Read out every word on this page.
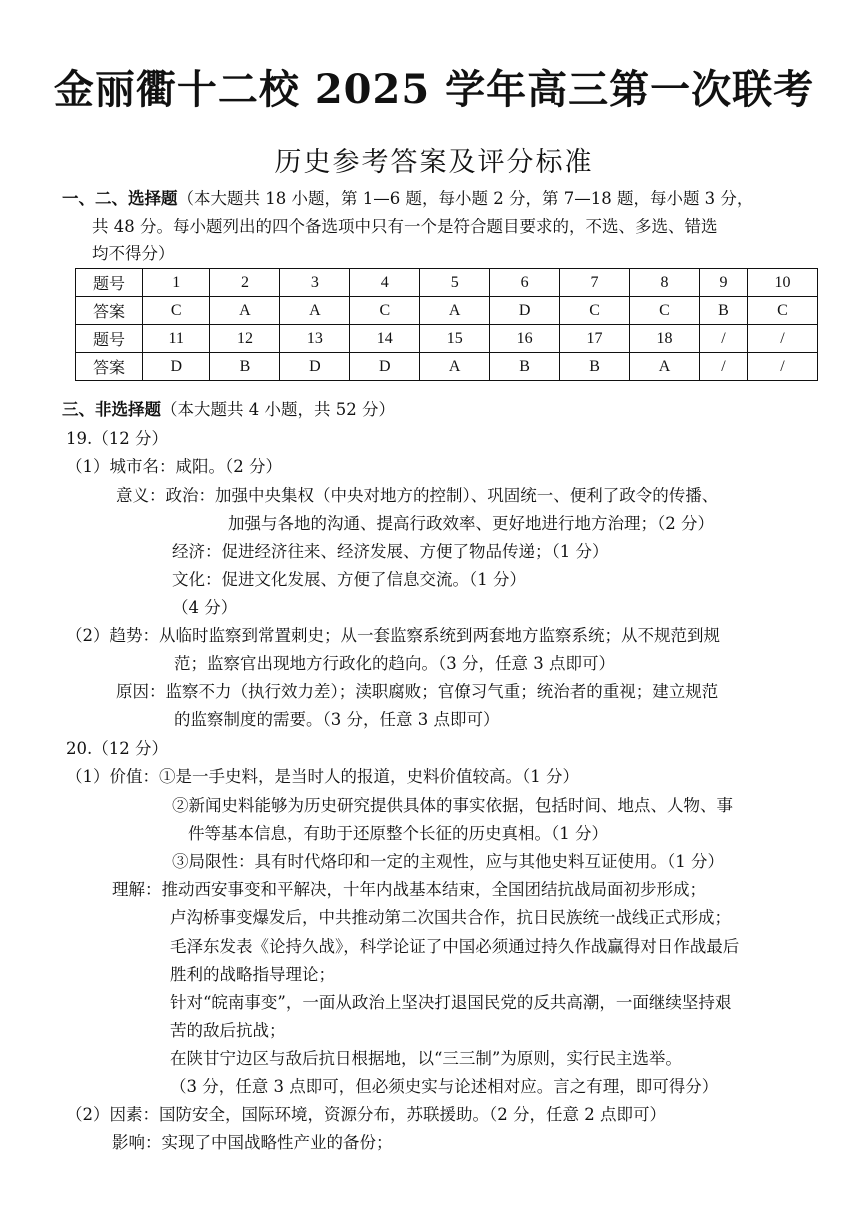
金丽衢十二校 2025 学年高三第一次联考
历史参考答案及评分标准
一、二、选择题（本大题共 18 小题，第 1—6 题，每小题 2 分，第 7—18 题，每小题 3 分，
共 48 分。每小题列出的四个备选项中只有一个是符合题目要求的，不选、多选、错选
均不得分）
题号	1	2	3	4	5	6	7	8	9	10
答案	C	A	A	C	A	D	C	C	B	C
题号	11	12	13	14	15	16	17	18	/	/
答案	D	B	D	D	A	B	B	A	/	/
三、非选择题（本大题共 4 小题，共 52 分）
19.（12 分）
（1）城市名：咸阳。（2 分）
意义：政治：加强中央集权（中央对地方的控制）、巩固统一、便利了政令的传播、
加强与各地的沟通、提高行政效率、更好地进行地方治理；（2 分）
经济：促进经济往来、经济发展、方便了物品传递；（1 分）
文化：促进文化发展、方便了信息交流。（1 分）
（4 分）
（2）趋势：从临时监察到常置刺史；从一套监察系统到两套地方监察系统；从不规范到规
范；监察官出现地方行政化的趋向。（3 分，任意 3 点即可）
原因：监察不力（执行效力差）；渎职腐败；官僚习气重；统治者的重视；建立规范
的监察制度的需要。（3 分，任意 3 点即可）
20.（12 分）
（1）价值：①是一手史料，是当时人的报道，史料价值较高。（1 分）
②新闻史料能够为历史研究提供具体的事实依据，包括时间、地点、人物、事
件等基本信息，有助于还原整个长征的历史真相。（1 分）
③局限性：具有时代烙印和一定的主观性，应与其他史料互证使用。（1 分）
理解：推动西安事变和平解决，十年内战基本结束，全国团结抗战局面初步形成；
卢沟桥事变爆发后，中共推动第二次国共合作，抗日民族统一战线正式形成；
毛泽东发表《论持久战》，科学论证了中国必须通过持久作战赢得对日作战最后
胜利的战略指导理论；
针对“皖南事变”，一面从政治上坚决打退国民党的反共高潮，一面继续坚持艰
苦的敌后抗战；
在陕甘宁边区与敌后抗日根据地，以“三三制”为原则，实行民主选举。
（3 分，任意 3 点即可，但必须史实与论述相对应。言之有理，即可得分）
（2）因素：国防安全，国际环境，资源分布，苏联援助。（2 分，任意 2 点即可）
影响：实现了中国战略性产业的备份；
